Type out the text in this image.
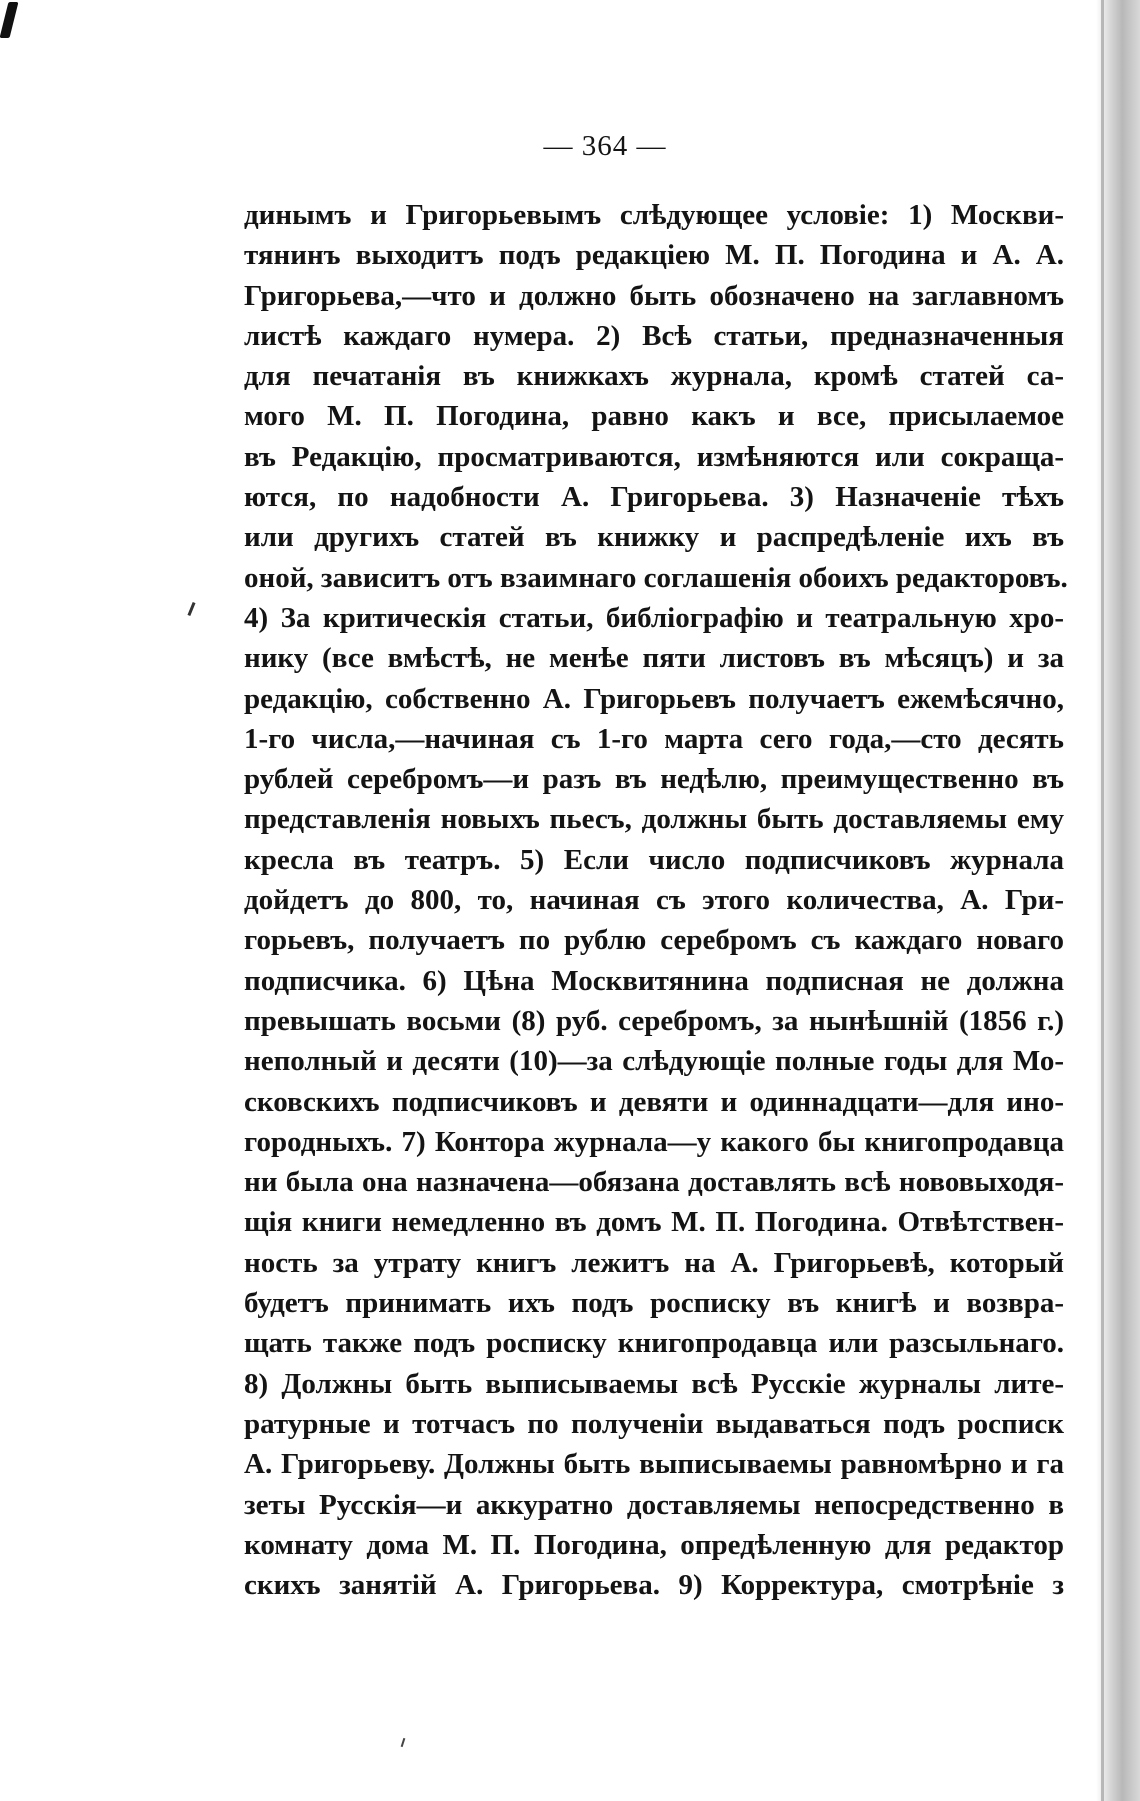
— 364 —
динымъ и Григорьевымъ слѣдующее условіе: 1) Москви-
тянинъ выходитъ подъ редакціею М. П. Погодина и А. А.
Григорьева,—что и должно быть обозначено на заглавномъ
листѣ каждаго нумера. 2) Всѣ статьи, предназначенныя
для печатанія въ книжкахъ журнала, кромѣ статей са-
мого М. П. Погодина, равно какъ и все, присылаемое
въ Редакцію, просматриваются, измѣняются или сокраща-
ются, по надобности А. Григорьева. 3) Назначеніе тѣхъ
или другихъ статей въ книжку и распредѣленіе ихъ въ
оной, зависитъ отъ взаимнаго соглашенія обоихъ редакторовъ.
4) За критическія статьи, библіографію и театральную хро-
нику (все вмѣстѣ, не менѣе пяти листовъ въ мѣсяцъ) и за
редакцію, собственно А. Григорьевъ получаетъ ежемѣсячно,
1-го числа,—начиная съ 1-го марта сего года,—сто десять
рублей серебромъ—и разъ въ недѣлю, преимущественно въ
представленія новыхъ пьесъ, должны быть доставляемы ему
кресла въ театръ. 5) Если число подписчиковъ журнала
дойдетъ до 800, то, начиная съ этого количества, А. Гри-
горьевъ, получаетъ по рублю серебромъ съ каждаго новаго
подписчика. 6) Цѣна Москвитянина подписная не должна
превышать восьми (8) руб. серебромъ, за нынѣшній (1856 г.)
неполный и десяти (10)—за слѣдующіе полные годы для Мо-
сковскихъ подписчиковъ и девяти и одиннадцати—для ино-
городныхъ. 7) Контора журнала—у какого бы книгопродавца
ни была она назначена—обязана доставлять всѣ нововыходя-
щія книги немедленно въ домъ М. П. Погодина. Отвѣтствен-
ность за утрату книгъ лежитъ на А. Григорьевѣ, который
будетъ принимать ихъ подъ росписку въ книгѣ и возвра-
щать также подъ росписку книгопродавца или разсыльнаго.
8) Должны быть выписываемы всѣ Русскіе журналы лите-
ратурные и тотчасъ по полученіи выдаваться подъ росписк
А. Григорьеву. Должны быть выписываемы равномѣрно и га
зеты Русскія—и аккуратно доставляемы непосредственно в
комнату дома М. П. Погодина, опредѣленную для редактор
скихъ занятій А. Григорьева. 9) Корректура, смотрѣніе з
